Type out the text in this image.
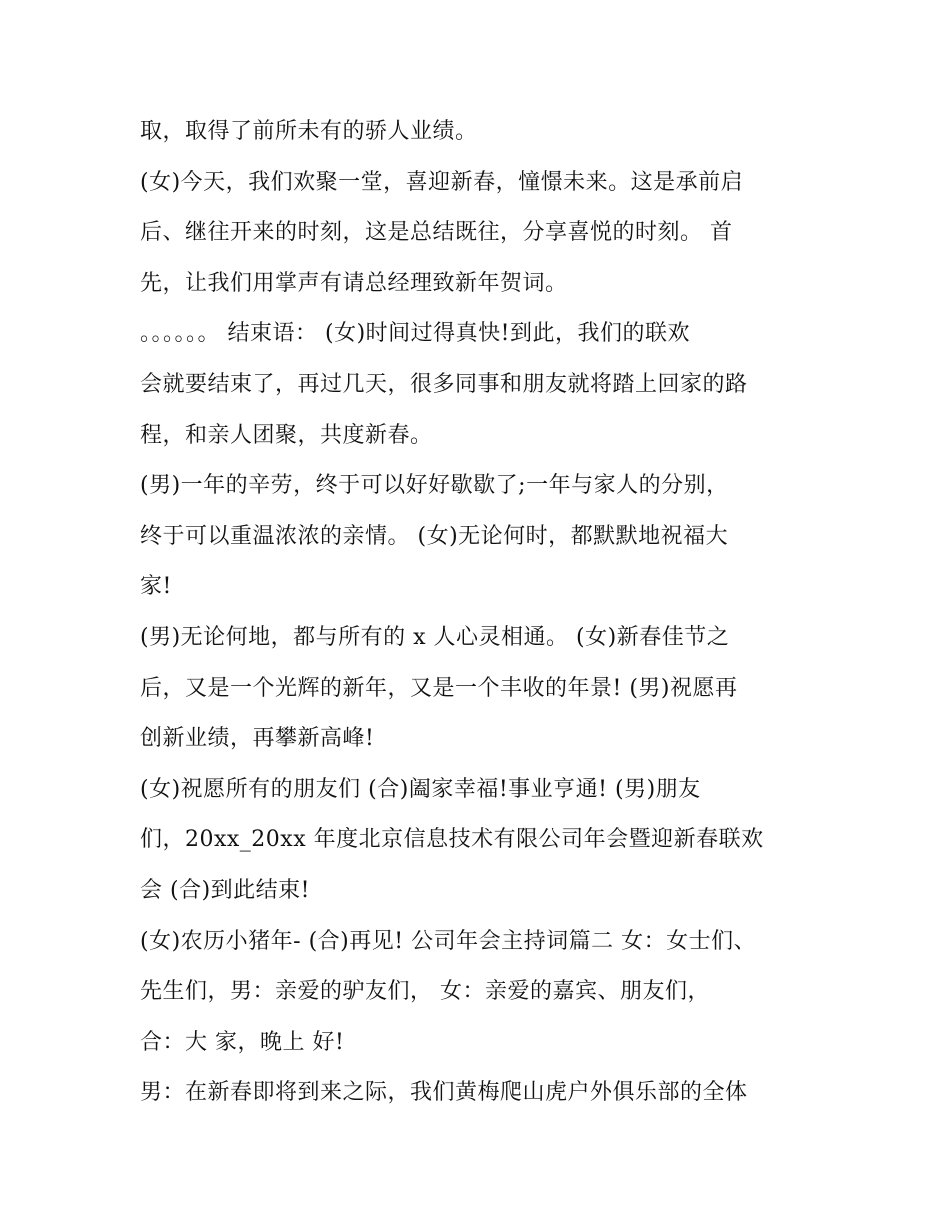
取，取得了前所未有的骄人业绩。
(女)今天，我们欢聚一堂，喜迎新春，憧憬未来。这是承前启
后、继往开来的时刻，这是总结既往，分享喜悦的时刻。 首
先，让我们用掌声有请总经理致新年贺词。
。。。。。。 结束语： (女)时间过得真快!到此，我们的联欢
会就要结束了，再过几天，很多同事和朋友就将踏上回家的路
程，和亲人团聚，共度新春。
(男)一年的辛劳，终于可以好好歇歇了;一年与家人的分别，
终于可以重温浓浓的亲情。 (女)无论何时，都默默地祝福大
家!
(男)无论何地，都与所有的 x 人心灵相通。 (女)新春佳节之
后，又是一个光辉的新年，又是一个丰收的年景! (男)祝愿再
创新业绩，再攀新高峰!
(女)祝愿所有的朋友们 (合)阖家幸福!事业亨通! (男)朋友
们，20xx_20xx 年度北京信息技术有限公司年会暨迎新春联欢
会 (合)到此结束!
(女)农历小猪年- (合)再见! 公司年会主持词篇二 女：女士们、
先生们，男：亲爱的驴友们， 女：亲爱的嘉宾、朋友们，
合：大 家，晚上 好!
男：在新春即将到来之际，我们黄梅爬山虎户外俱乐部的全体
